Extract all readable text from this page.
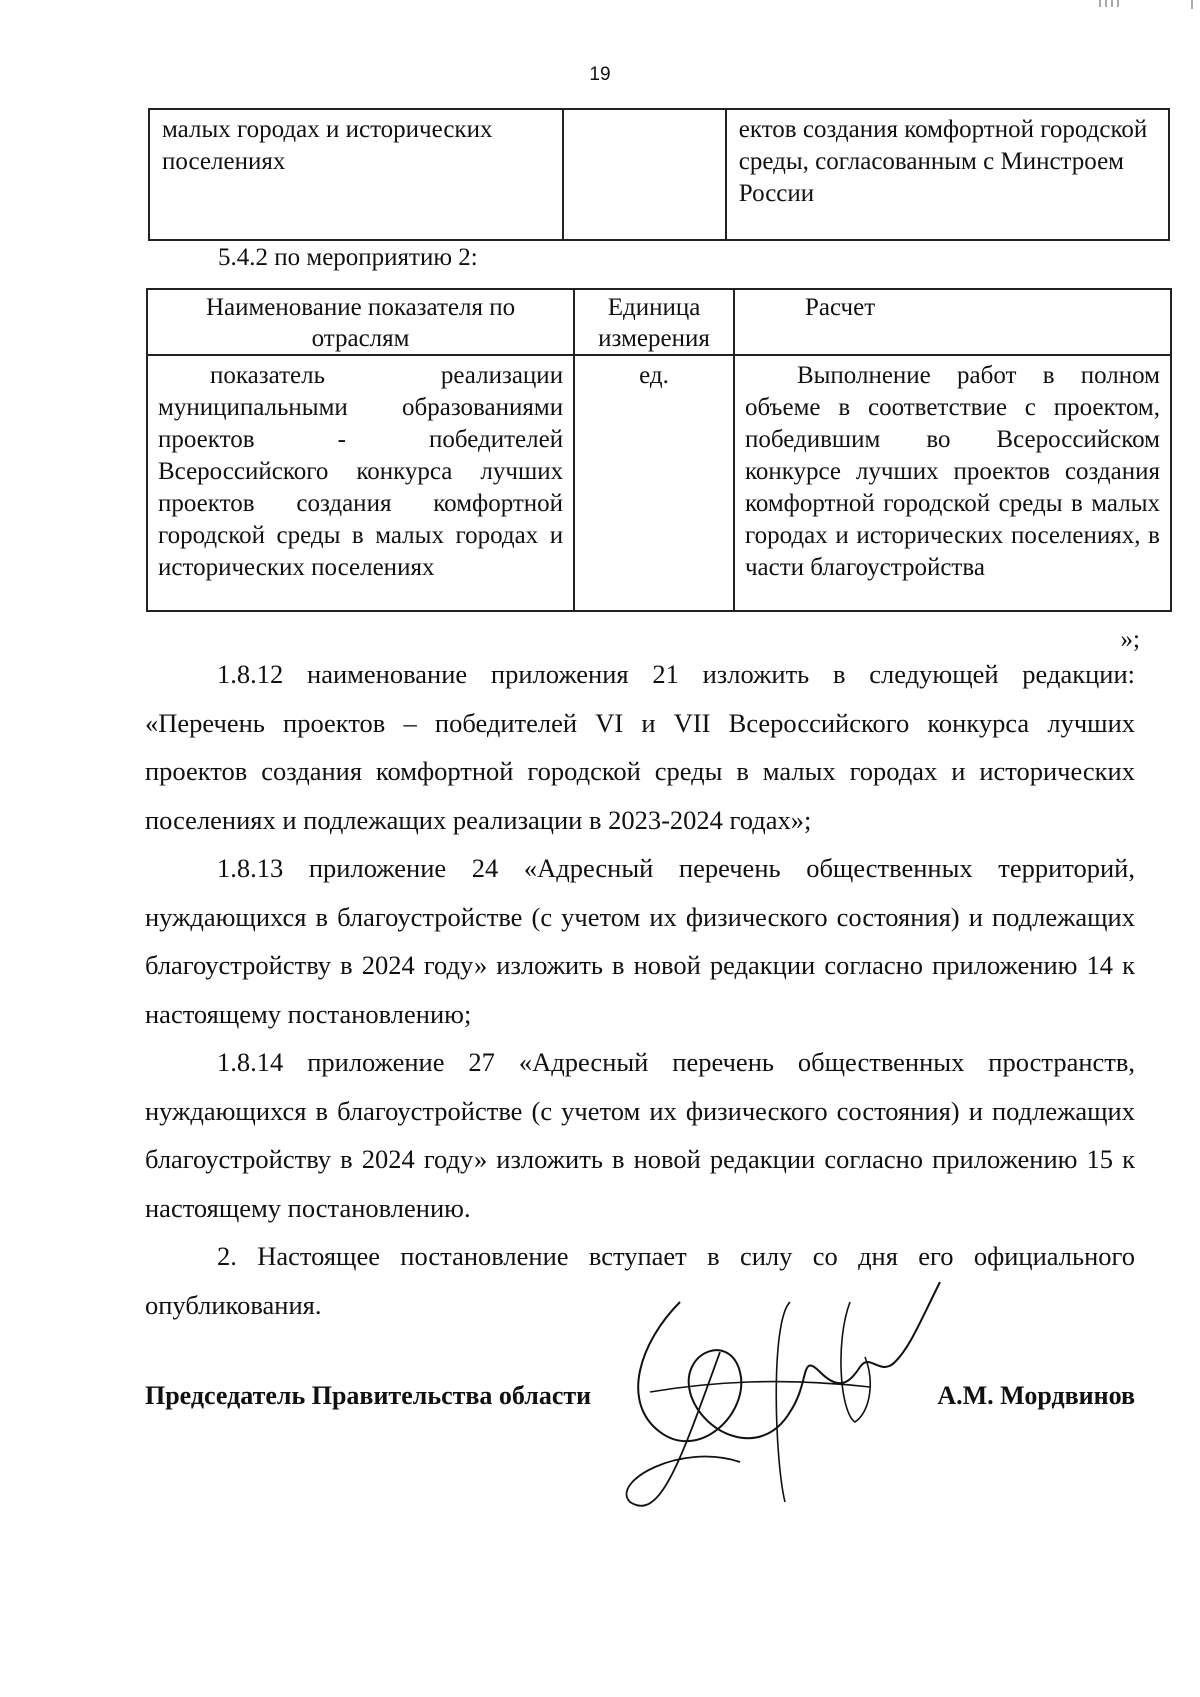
19
малых городах и исторических поселениях		ектов создания комфортной городской среды, согласованным с Минстроем России
5.4.2 по мероприятию 2:
Наименование показателя по отраслям	Единица измерения	Расчет
показатель реализации муниципальными образованиями проектов - победителей Всероссийского конкурса лучших проектов создания комфортной городской среды в малых городах и исторических поселениях	ед.	Выполнение работ в полном объеме в соответствие с проектом, победившим во Всероссийском конкурсе лучших проектов создания комфортной городской среды в малых городах и исторических поселениях, в части благоустройства
»;

1.8.12 наименование приложения 21 изложить в следующей редакции: «Перечень проектов – победителей VI и VII Всероссийского конкурса лучших проектов создания комфортной городской среды в малых городах и исторических поселениях и подлежащих реализации в 2023-2024 годах»;

1.8.13 приложение 24 «Адресный перечень общественных территорий, нуждающихся в благоустройстве (с учетом их физического состояния) и подлежащих благоустройству в 2024 году» изложить в новой редакции согласно приложению 14 к настоящему постановлению;

1.8.14 приложение 27 «Адресный перечень общественных пространств, нуждающихся в благоустройстве (с учетом их физического состояния) и подлежащих благоустройству в 2024 году» изложить в новой редакции согласно приложению 15 к настоящему постановлению.

2. Настоящее постановление вступает в силу со дня его официального опубликования.

Председатель Правительства области	А.М. Мордвинов
